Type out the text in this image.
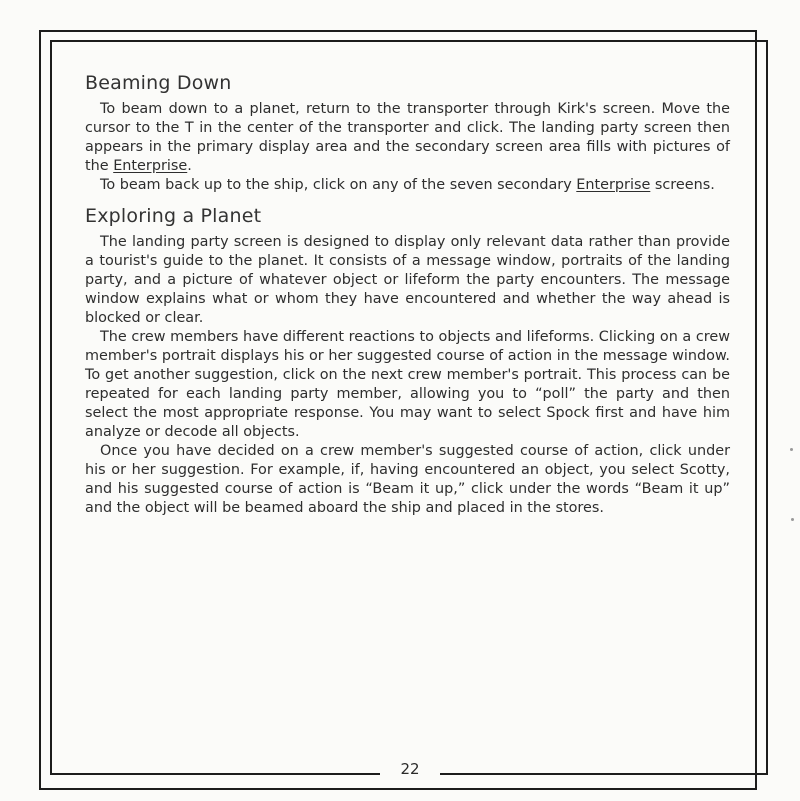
Beaming Down

To beam down to a planet, return to the transporter through Kirk's screen. Move the cursor to the T in the center of the transporter and click. The landing party screen then appears in the primary display area and the secondary screen area fills with pictures of the Enterprise.

To beam back up to the ship, click on any of the seven secondary Enterprise screens.

Exploring a Planet

The landing party screen is designed to display only relevant data rather than provide a tourist's guide to the planet. It consists of a message window, portraits of the landing party, and a picture of whatever object or lifeform the party encounters. The message window explains what or whom they have encountered and whether the way ahead is blocked or clear.

The crew members have different reactions to objects and lifeforms. Clicking on a crew member's portrait displays his or her suggested course of action in the message window. To get another suggestion, click on the next crew member's portrait. This process can be repeated for each landing party member, allowing you to “poll” the party and then select the most appropriate response. You may want to select Spock first and have him analyze or decode all objects.

Once you have decided on a crew member's suggested course of action, click under his or her suggestion. For example, if, having encountered an object, you select Scotty, and his suggested course of action is “Beam it up,” click under the words “Beam it up” and the object will be beamed aboard the ship and placed in the stores.

22
